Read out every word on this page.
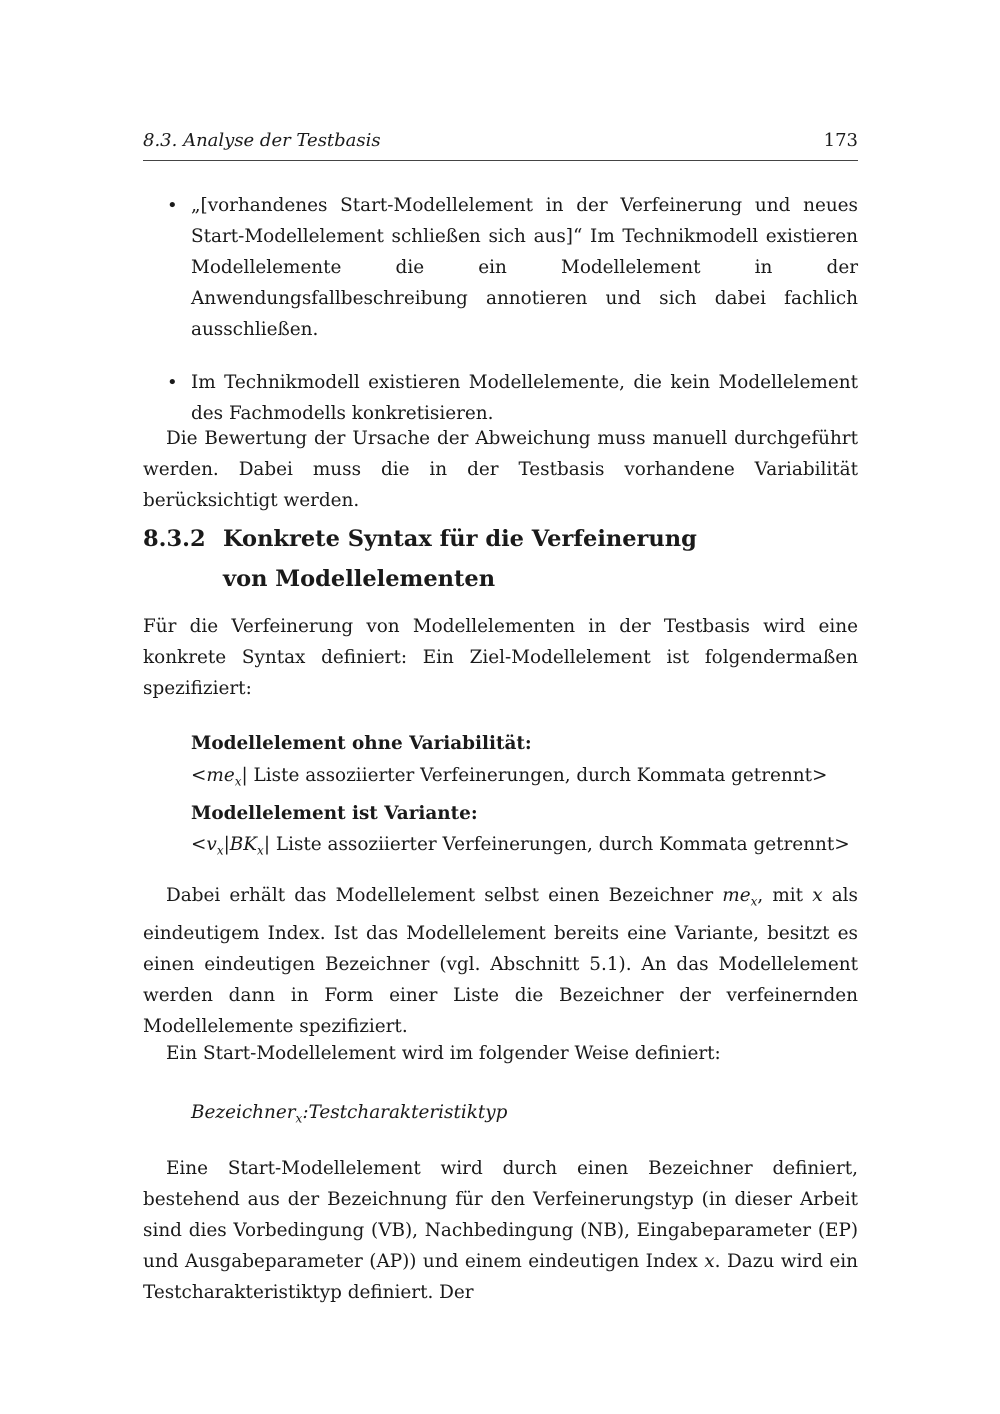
8.3. Analyse der Testbasis	173
• „[vorhandenes Start-Modellelement in der Verfeinerung und neues Start-Modellelement schließen sich aus]“ Im Technikmodell existieren Modellelemente die ein Modellelement in der Anwendungsfallbeschreibung annotieren und sich dabei fachlich ausschließen.
• Im Technikmodell existieren Modellelemente, die kein Modellelement des Fachmodells konkretisieren.

Die Bewertung der Ursache der Abweichung muss manuell durchgeführt werden. Dabei muss die in der Testbasis vorhandene Variabilität berücksichtigt werden.

8.3.2 Konkrete Syntax für die Verfeinerung von Modellelementen

Für die Verfeinerung von Modellelementen in der Testbasis wird eine konkrete Syntax definiert: Ein Ziel-Modellelement ist folgendermaßen spezifiziert:

Modellelement ohne Variabilität:
$<me_x|$ Liste assoziierter Verfeinerungen, durch Kommata getrennt>
Modellelement ist Variante:
$<v_x|BK_x|$ Liste assoziierter Verfeinerungen, durch Kommata getrennt>

Dabei erhält das Modellelement selbst einen Bezeichner $me_x$, mit x als eindeutigem Index. Ist das Modellelement bereits eine Variante, besitzt es einen eindeutigen Bezeichner (vgl. Abschnitt 5.1). An das Modellelement werden dann in Form einer Liste die Bezeichner der verfeinernden Modellelemente spezifiziert.

Ein Start-Modellelement wird im folgender Weise definiert:

Bezeichner$_x$:Testcharakteristiktyp

Eine Start-Modellelement wird durch einen Bezeichner definiert, bestehend aus der Bezeichnung für den Verfeinerungstyp (in dieser Arbeit sind dies Vorbedingung (VB), Nachbedingung (NB), Eingabeparameter (EP) und Ausgabeparameter (AP)) und einem eindeutigen Index x. Dazu wird ein Testcharakteristiktyp definiert. Der
